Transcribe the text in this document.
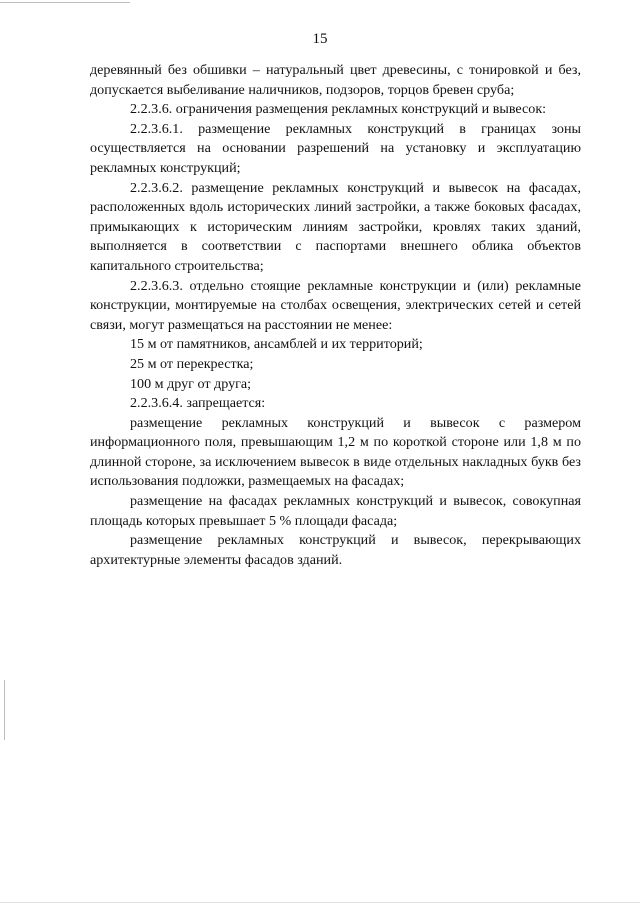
15

деревянный без обшивки – натуральный цвет древесины, с тонировкой и без, допускается выбеливание наличников, подзоров, торцов бревен сруба;

2.2.3.6. ограничения размещения рекламных конструкций и вывесок:

2.2.3.6.1. размещение рекламных конструкций в границах зоны осуществляется на основании разрешений на установку и эксплуатацию рекламных конструкций;

2.2.3.6.2. размещение рекламных конструкций и вывесок на фасадах, расположенных вдоль исторических линий застройки, а также боковых фасадах, примыкающих к историческим линиям застройки, кровлях таких зданий, выполняется в соответствии с паспортами внешнего облика объектов капитального строительства;

2.2.3.6.3. отдельно стоящие рекламные конструкции и (или) рекламные конструкции, монтируемые на столбах освещения, электрических сетей и сетей связи, могут размещаться на расстоянии не менее:

15 м от памятников, ансамблей и их территорий;

25 м от перекрестка;

100 м друг от друга;

2.2.3.6.4. запрещается:

размещение рекламных конструкций и вывесок с размером информационного поля, превышающим 1,2 м по короткой стороне или 1,8 м по длинной стороне, за исключением вывесок в виде отдельных накладных букв без использования подложки, размещаемых на фасадах;

размещение на фасадах рекламных конструкций и вывесок, совокупная площадь которых превышает 5 % площади фасада;

размещение рекламных конструкций и вывесок, перекрывающих архитектурные элементы фасадов зданий.
